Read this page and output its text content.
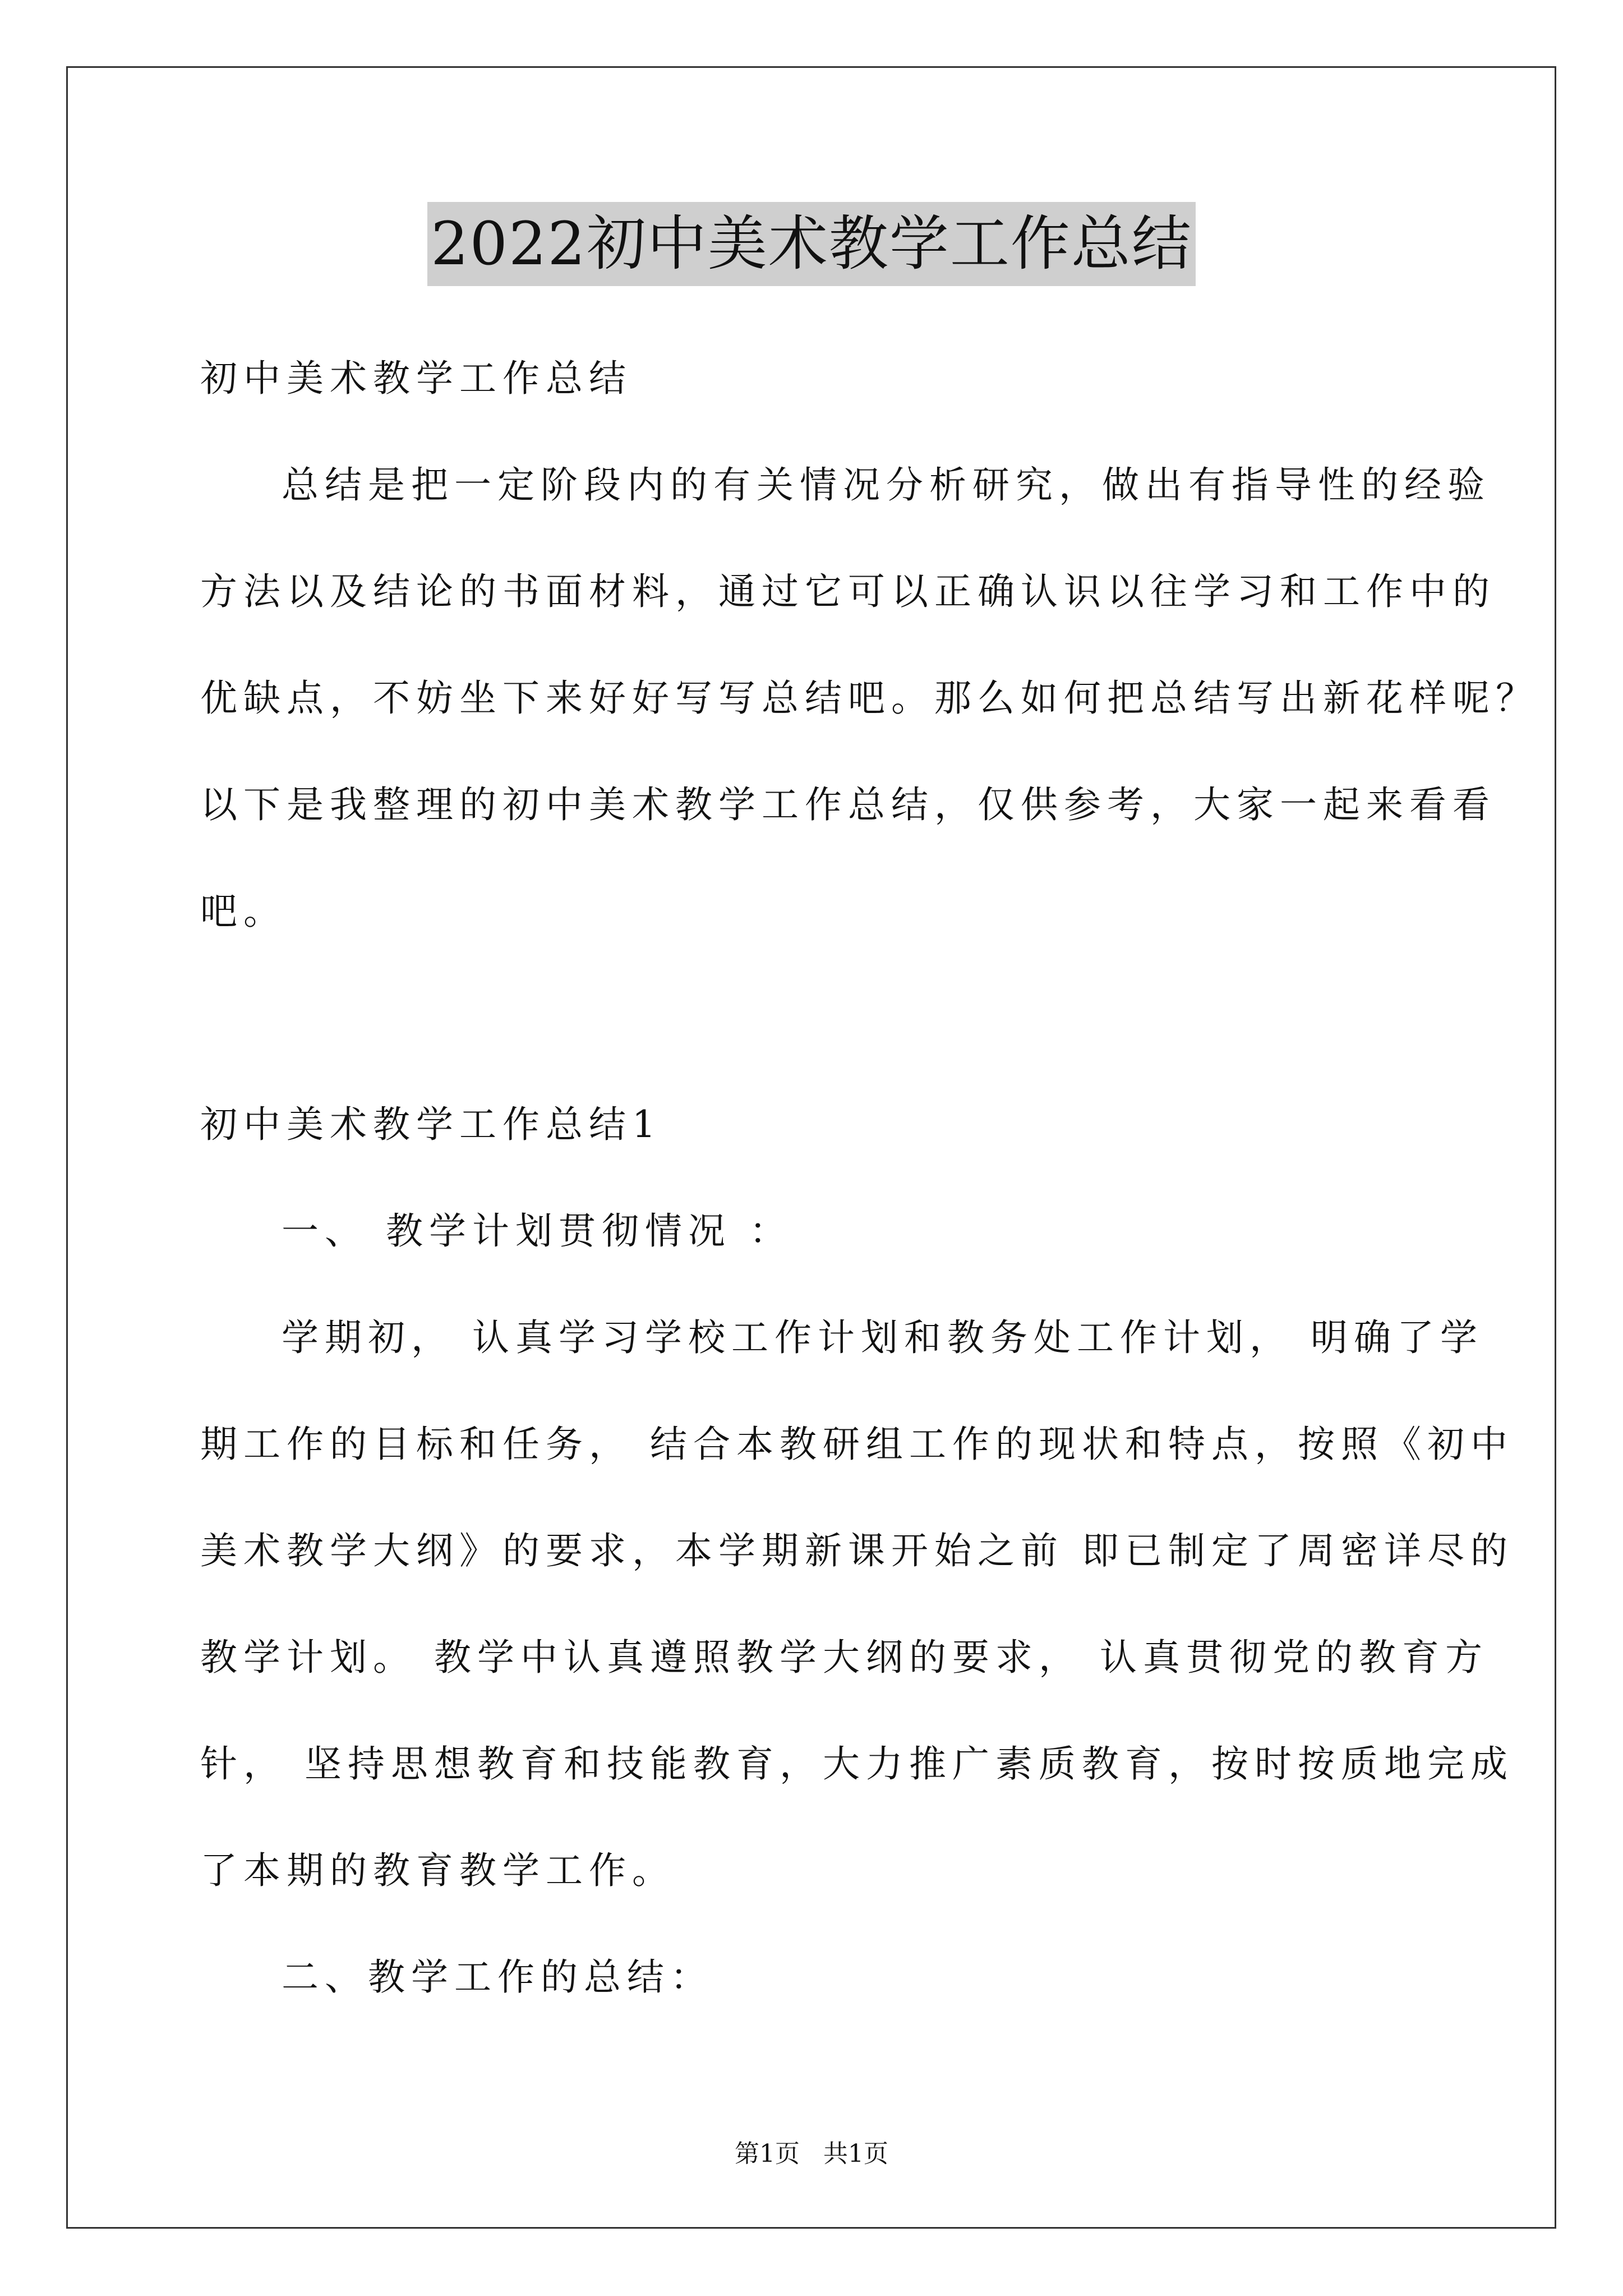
2022初中美术教学工作总结
初中美术教学工作总结
总结是把一定阶段内的有关情况分析研究，做出有指导性的经验
方法以及结论的书面材料，通过它可以正确认识以往学习和工作中的
优缺点，不妨坐下来好好写写总结吧。那么如何把总结写出新花样呢？
以下是我整理的初中美术教学工作总结，仅供参考，大家一起来看看
吧。
初中美术教学工作总结1
一、 教学计划贯彻情况 ：
学期初， 认真学习学校工作计划和教务处工作计划， 明确了学
期工作的目标和任务， 结合本教研组工作的现状和特点，按照《初中
美术教学大纲》的要求，本学期新课开始之前 即已制定了周密详尽的
教学计划。 教学中认真遵照教学大纲的要求， 认真贯彻党的教育方
针， 坚持思想教育和技能教育，大力推广素质教育，按时按质地完成
了本期的教育教学工作。
二、教学工作的总结：
第1页 共1页
